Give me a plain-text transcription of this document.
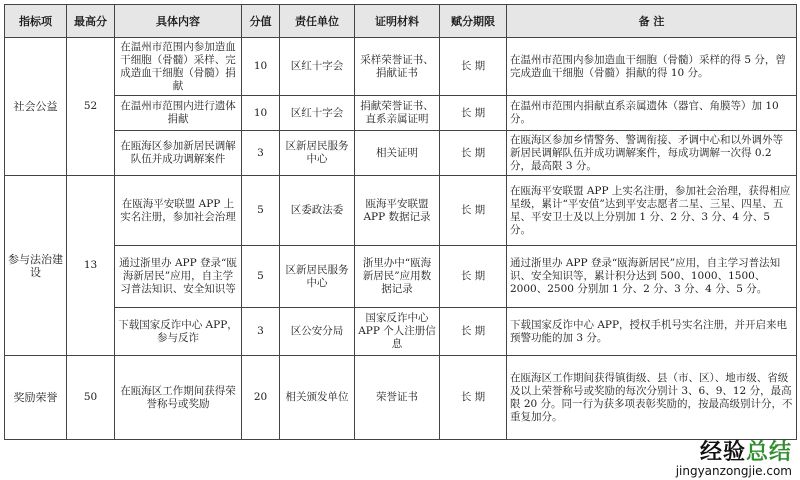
指标项	最高分	具体内容	分值	责任单位	证明材料	赋分期限	备 注
社会公益	52	在温州市范围内参加造血干细胞（骨髓）采样、完成造血干细胞（骨髓）捐献	10	区红十字会	采样荣誉证书、捐献证书	长 期	在温州市范围内参加造血干细胞（骨髓）采样的得 5 分，曾完成造血干细胞（骨髓）捐献的得 10 分。
		在温州市范围内进行遗体捐献	10	区红十字会	捐献荣誉证书、直系亲属证明	长 期	在温州市范围内捐献直系亲属遗体（器官、角膜等）加 10 分。
		在瓯海区参加新居民调解队伍并成功调解案件	3	区新居民服务中心	相关证明	长 期	在瓯海区参加乡情警务、警调衔接、矛调中心和以外调外等新居民调解队伍并成功调解案件，每成功调解一次得 0.2 分，最高限 3 分。
参与法治建设	13	在瓯海平安联盟 APP 上实名注册，参加社会治理	5	区委政法委	瓯海平安联盟 APP 数据记录	长 期	在瓯海平安联盟 APP 上实名注册，参加社会治理，获得相应星级，累计“平安值”达到平安志愿者二星、三星、四星、五星、平安卫士及以上分别加 1 分、2 分、3 分、4 分、5 分。
		通过浙里办 APP 登录“瓯海新居民”应用，自主学习普法知识、安全知识等	5	区新居民服务中心	浙里办中“瓯海新居民”应用数据记录	长 期	通过浙里办 APP 登录“瓯海新居民”应用，自主学习普法知识、安全知识等，累计积分达到 500、1000、1500、2000、2500 分别加 1 分、2 分、3 分、4 分、5 分。
		下载国家反诈中心 APP，参与反诈	3	区公安分局	国家反诈中心 APP 个人注册信息	长 期	下载国家反诈中心 APP，授权手机号实名注册，并开启来电预警功能的加 3 分。
奖励荣誉	50	在瓯海区工作期间获得荣誉称号或奖励	20	相关颁发单位	荣誉证书	长 期	在瓯海区工作期间获得镇街级、县（市、区）、地市级、省级及以上荣誉称号或奖励的每次分别计 3、6、9、12 分，最高限 20 分。同一行为获多项表彰奖励的，按最高级别计分，不重复加分。
经验总结
jingyanzongjie.com
